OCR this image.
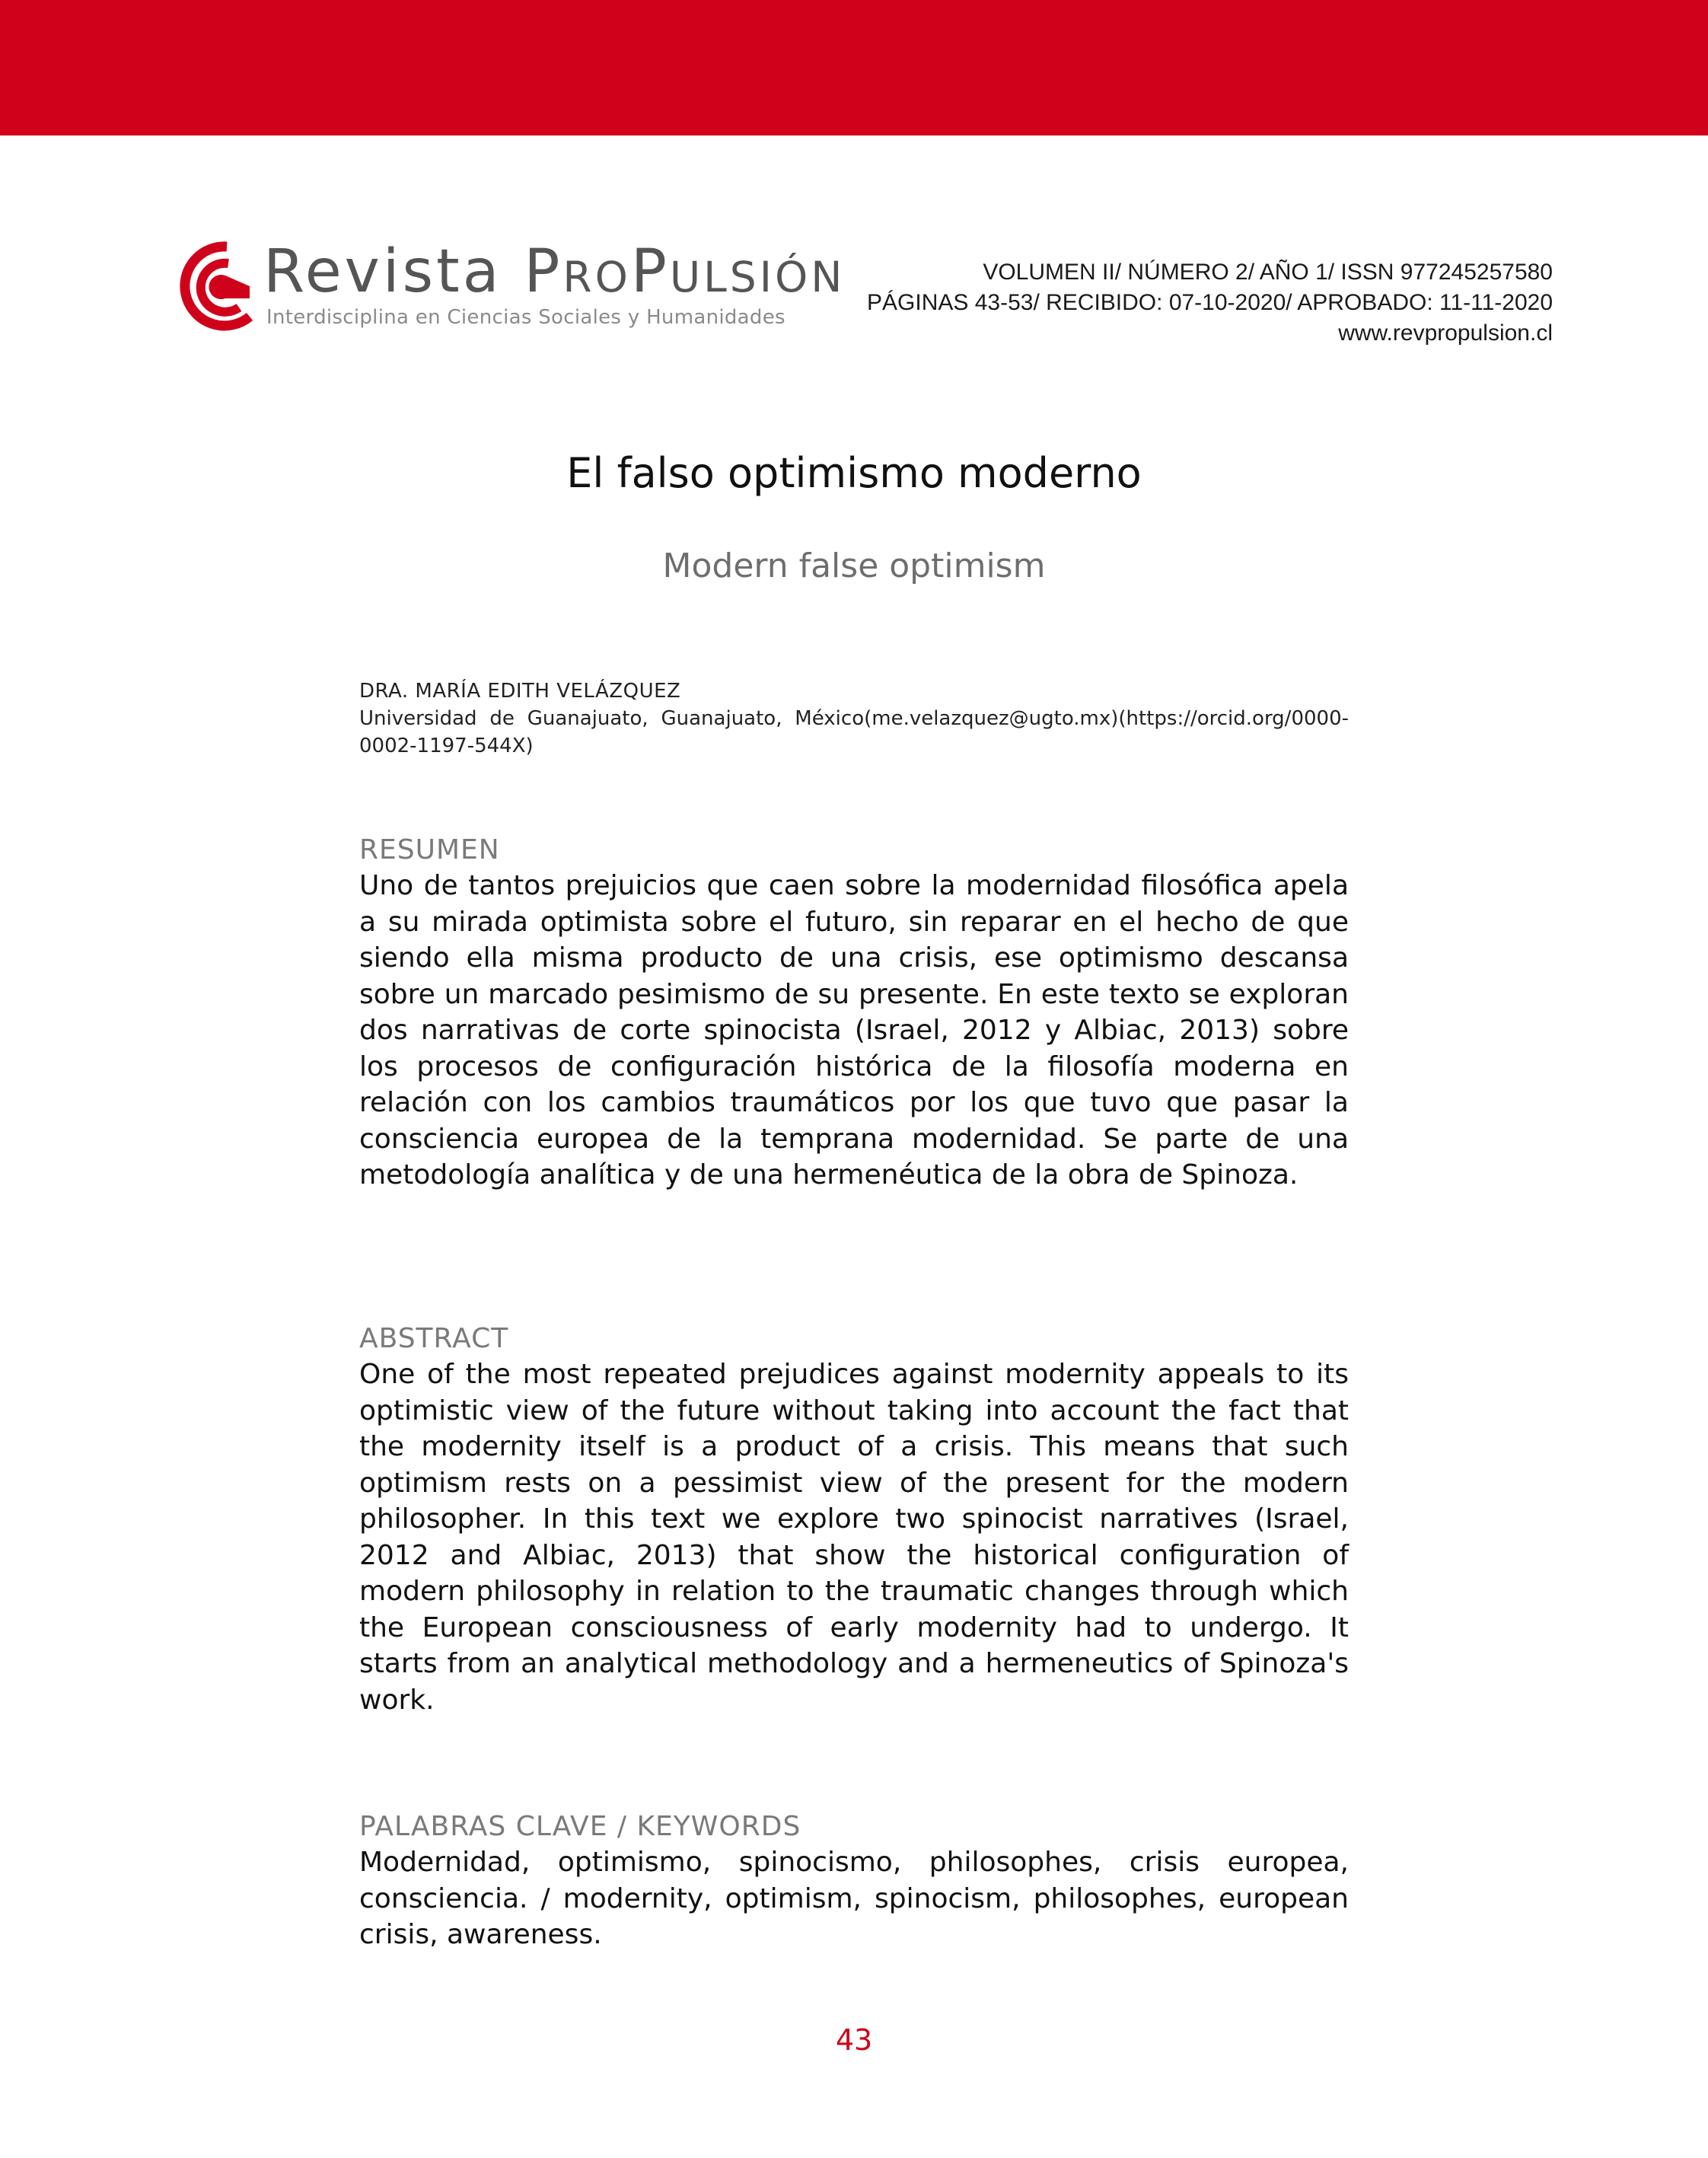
Revista ProPulsión
Interdisciplina en Ciencias Sociales y Humanidades
VOLUMEN II/ NÚMERO 2/ AÑO 1/ ISSN 977245257580
PÁGINAS 43-53/ RECIBIDO: 07-10-2020/ APROBADO: 11-11-2020
www.revpropulsion.cl
El falso optimismo moderno
Modern false optimism
DRA. MARÍA EDITH VELÁZQUEZ
Universidad de Guanajuato, Guanajuato, México(me.velazquez@ugto.mx)(https://orcid.org/0000-0002-1197-544X)
RESUMEN
Uno de tantos prejuicios que caen sobre la modernidad filosófica apela a su mirada optimista sobre el futuro, sin reparar en el hecho de que siendo ella misma producto de una crisis, ese optimismo descansa sobre un marcado pesimismo de su presente. En este texto se exploran dos narrativas de corte spinocista (Israel, 2012 y Albiac, 2013) sobre los procesos de configuración histórica de la filosofía moderna en relación con los cambios traumáticos por los que tuvo que pasar la consciencia europea de la temprana modernidad. Se parte de una metodología analítica y de una hermenéutica de la obra de Spinoza.
ABSTRACT
One of the most repeated prejudices against modernity appeals to its optimistic view of the future without taking into account the fact that the modernity itself is a product of a crisis. This means that such optimism rests on a pessimist view of the present for the modern philosopher. In this text we explore two spinocist narratives (Israel, 2012 and Albiac, 2013) that show the historical configuration of modern philosophy in relation to the traumatic changes through which the European consciousness of early modernity had to undergo. It starts from an analytical methodology and a hermeneutics of Spinoza's work.
PALABRAS CLAVE / KEYWORDS
Modernidad, optimismo, spinocismo, philosophes, crisis europea, consciencia. / modernity, optimism, spinocism, philosophes, european crisis, awareness.
43
